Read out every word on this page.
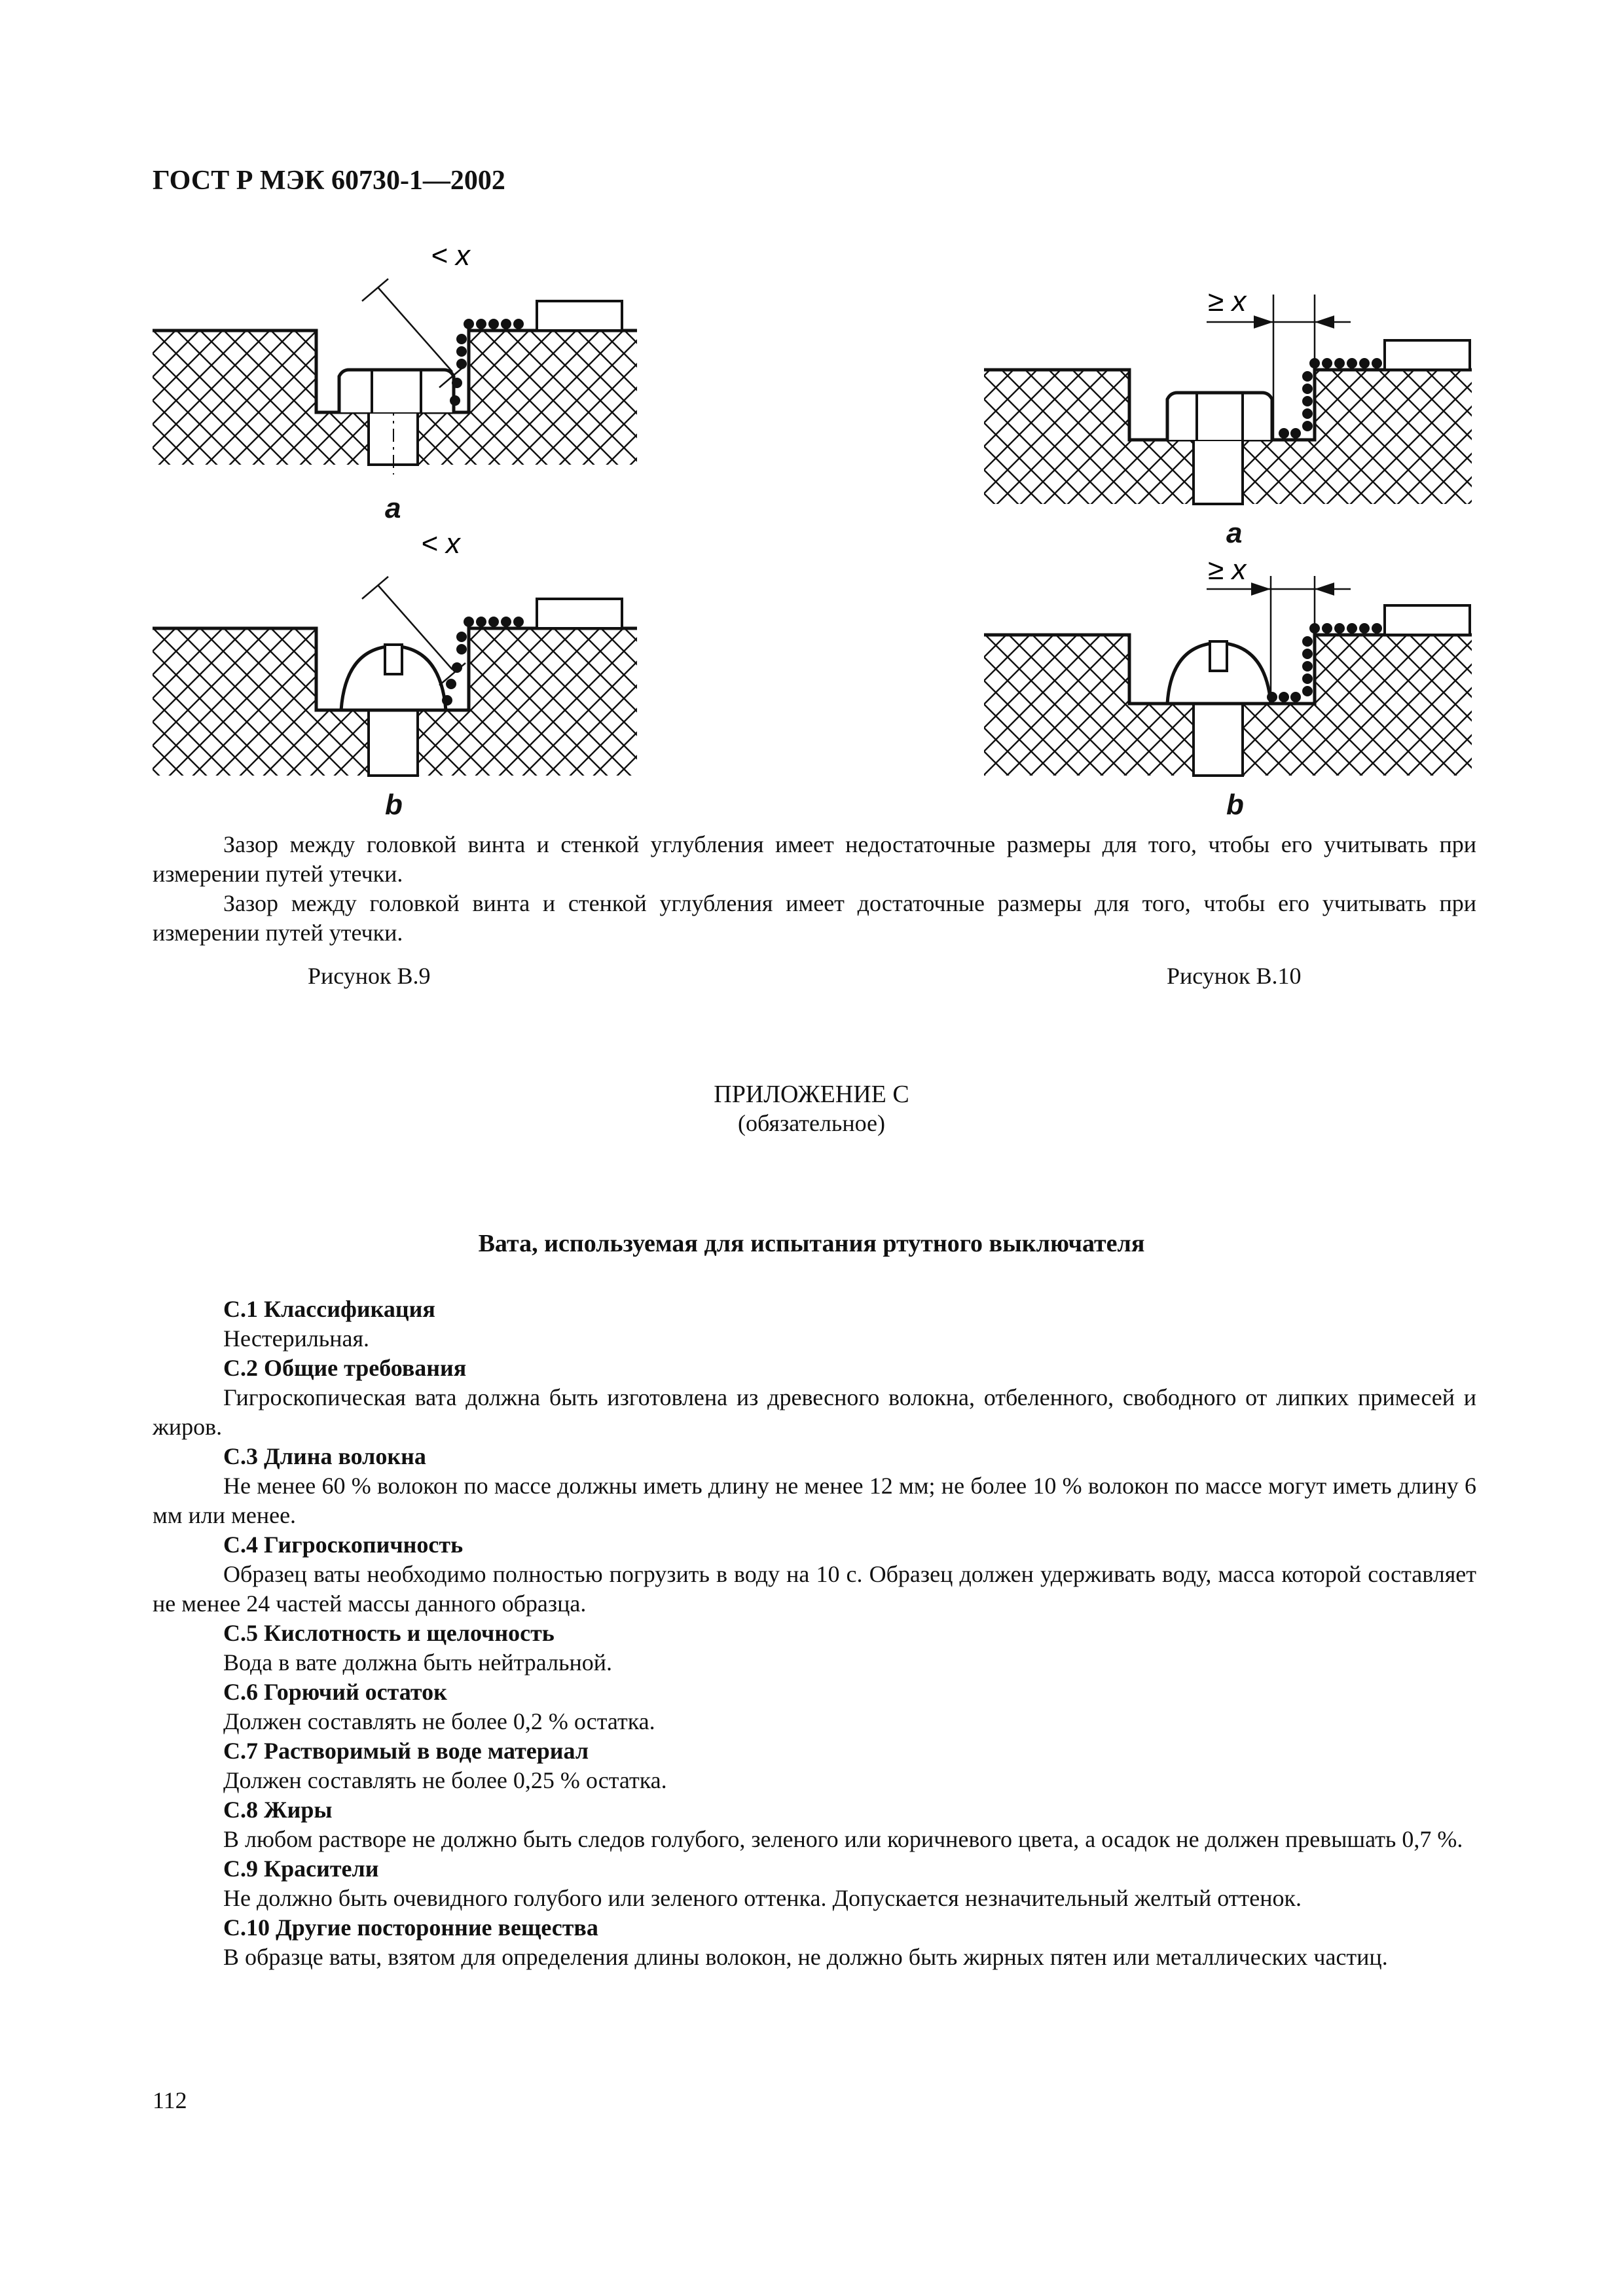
ГОСТ Р МЭК 60730-1—2002
< x
a
< x
b
≥ x
a
≥ x
b

Зазор между головкой винта и стенкой углубления имеет недостаточные размеры для того, чтобы его учитывать при измерении путей утечки.

Зазор между головкой винта и стенкой углубления имеет достаточные размеры для того, чтобы его учитывать при измерении путей утечки.

Рисунок В.9	Рисунок В.10
ПРИЛОЖЕНИЕ С
(обязательное)
Вата, используемая для испытания ртутного выключателя
С.1 Классификация

Нестерильная.

С.2 Общие требования

Гигроскопическая вата должна быть изготовлена из древесного волокна, отбеленного, свободного от липких примесей и жиров.

С.3 Длина волокна

Не менее 60 % волокон по массе должны иметь длину не менее 12 мм; не более 10 % волокон по массе могут иметь длину 6 мм или менее.

С.4 Гигроскопичность

Образец ваты необходимо полностью погрузить в воду на 10 с. Образец должен удерживать воду, масса которой составляет не менее 24 частей массы данного образца.

С.5 Кислотность и щелочность

Вода в вате должна быть нейтральной.

С.6 Горючий остаток

Должен составлять не более 0,2 % остатка.

С.7 Растворимый в воде материал

Должен составлять не более 0,25 % остатка.

С.8 Жиры

В любом растворе не должно быть следов голубого, зеленого или коричневого цвета, а осадок не должен превышать 0,7 %.

С.9 Красители

Не должно быть очевидного голубого или зеленого оттенка. Допускается незначительный желтый оттенок.

С.10 Другие посторонние вещества

В образце ваты, взятом для определения длины волокон, не должно быть жирных пятен или металлических частиц.

112
